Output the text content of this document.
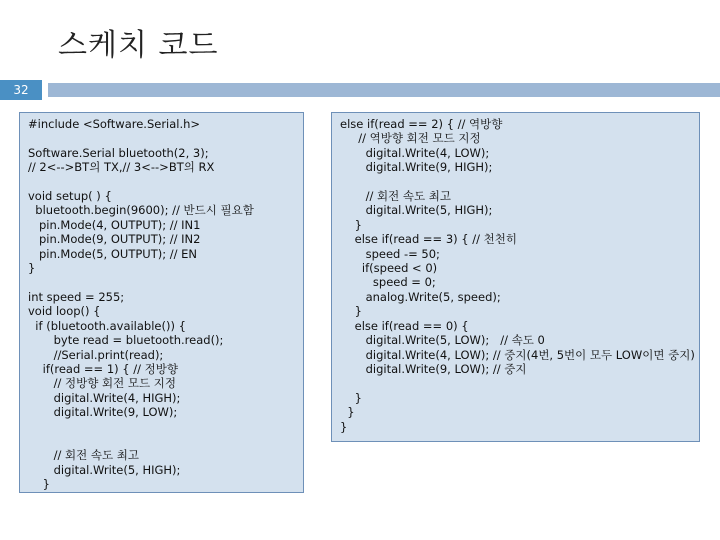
스케치 코드
32
#include <Software.Serial.h>

Software.Serial bluetooth(2, 3);
// 2<-->BT의 TX,// 3<-->BT의 RX

void setup( ) {
bluetooth.begin(9600); // 반드시 필요함
pin.Mode(4, OUTPUT); // IN1
pin.Mode(9, OUTPUT); // IN2
pin.Mode(5, OUTPUT); // EN
}

int speed = 255;
void loop() {
if (bluetooth.available()) {
byte read = bluetooth.read();
//Serial.print(read);
if(read == 1) { // 정방향
// 정방향 회전 모드 지정
digital.Write(4, HIGH);
digital.Write(9, LOW);

// 회전 속도 최고
digital.Write(5, HIGH);
}
else if(read == 2) { // 역방향
// 역방향 회전 모드 지정
digital.Write(4, LOW);
digital.Write(9, HIGH);

// 회전 속도 최고
digital.Write(5, HIGH);
}
else if(read == 3) { // 천천히
speed -= 50;
if(speed < 0)
speed = 0;
analog.Write(5, speed);
}
else if(read == 0) {
digital.Write(5, LOW);   // 속도 0
digital.Write(4, LOW); // 중지(4번, 5번이 모두 LOW이면 중지)
digital.Write(9, LOW); // 중지

}
}
}
